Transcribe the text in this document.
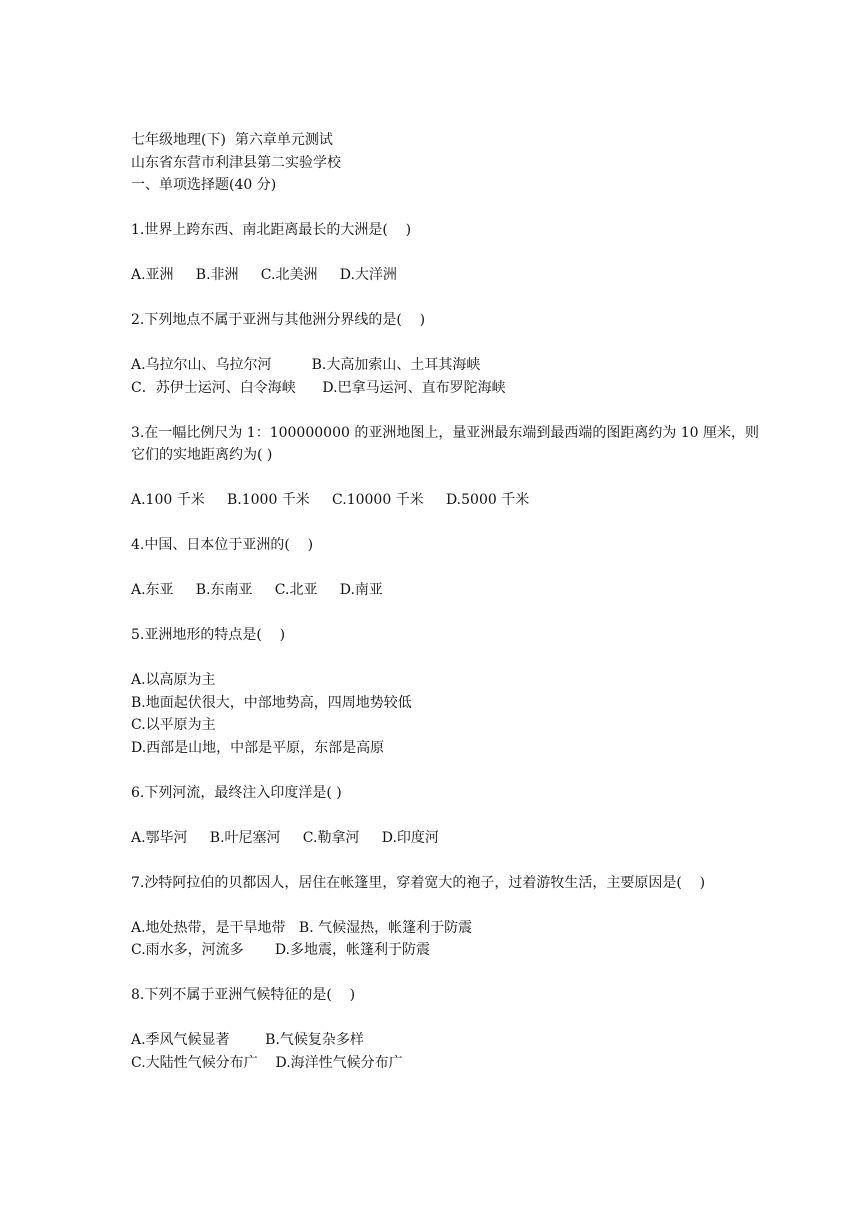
七年级地理(下)  第六章单元测试

山东省东营市利津县第二实验学校

一、单项选择题(40 分)

1.世界上跨东西、南北距离最长的大洲是(    )

A.亚洲     B.非洲     C.北美洲     D.大洋洲

2.下列地点不属于亚洲与其他洲分界线的是(    )

A.乌拉尔山、乌拉尔河         B.大高加索山、土耳其海峡

C．苏伊士运河、白令海峡      D.巴拿马运河、直布罗陀海峡

3.在一幅比例尺为 1：100000000 的亚洲地图上，量亚洲最东端到最西端的图距离约为 10 厘米，则它们的实地距离约为( )

A.100 千米     B.1000 千米     C.10000 千米     D.5000 千米

4.中国、日本位于亚洲的(    )

A.东亚     B.东南亚     C.北亚     D.南亚

5.亚洲地形的特点是(    )

A.以高原为主

B.地面起伏很大，中部地势高，四周地势较低

C.以平原为主

D.西部是山地，中部是平原，东部是高原

6.下列河流，最终注入印度洋是( )

A.鄂毕河     B.叶尼塞河     C.勒拿河     D.印度河

7.沙特阿拉伯的贝都因人，居住在帐篷里，穿着宽大的袍子，过着游牧生活，主要原因是(    )

A.地处热带，是干旱地带   B. 气候湿热，帐篷利于防震

C.雨水多，河流多       D.多地震，帐篷利于防震

8.下列不属于亚洲气候特征的是(    )

A.季风气候显著        B.气候复杂多样

C.大陆性气候分布广    D.海洋性气候分布广
